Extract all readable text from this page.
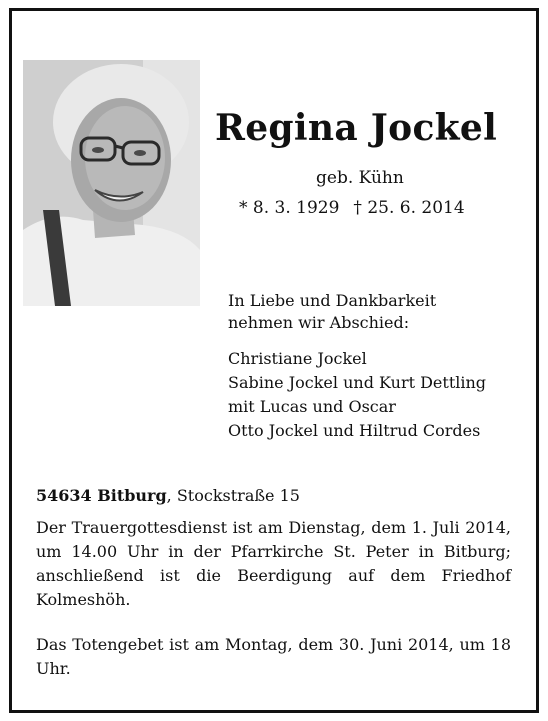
Regina Jockel
geb. Kühn
* 8. 3. 1929 † 25. 6. 2014
In Liebe und Dankbarkeit
nehmen wir Abschied:
Christiane Jockel
Sabine Jockel und Kurt Dettling
mit Lucas und Oscar
Otto Jockel und Hiltrud Cordes
54634 Bitburg, Stockstraße 15
Der Trauergottesdienst ist am Dienstag, dem 1. Juli 2014, um 14.00 Uhr in der Pfarrkirche St. Peter in Bitburg; anschließend ist die Beerdigung auf dem Friedhof Kolmeshöh.
Das Totengebet ist am Montag, dem 30. Juni 2014, um 18 Uhr.
